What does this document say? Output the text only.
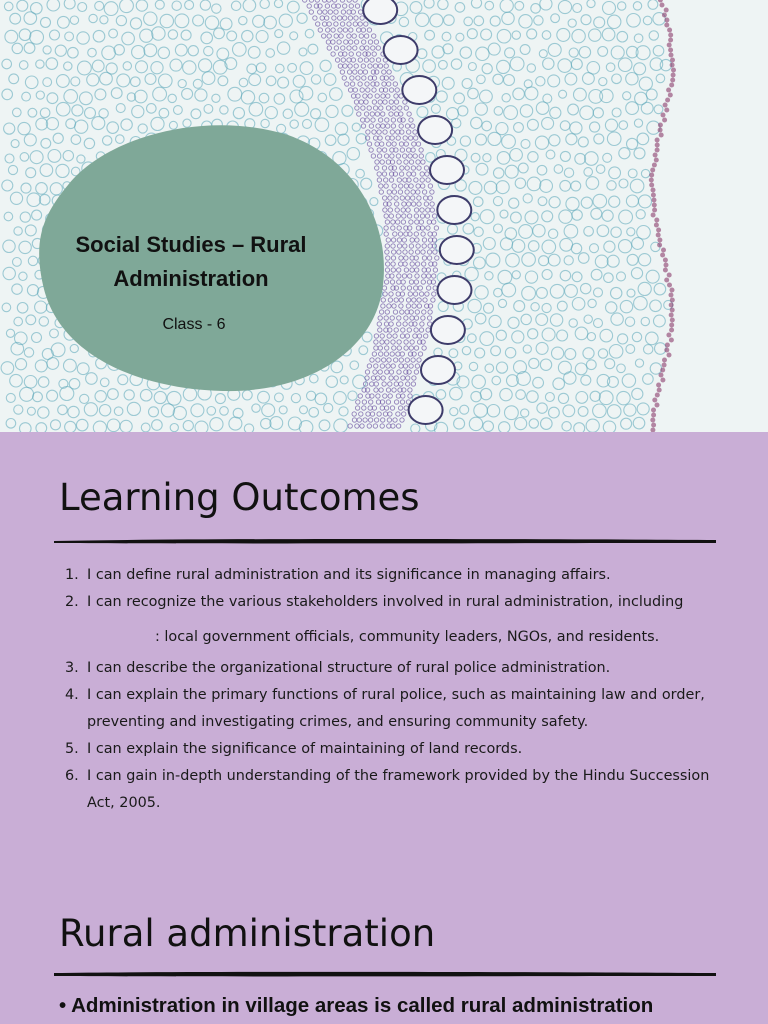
Social Studies – Rural Administration
Class - 6
Learning Outcomes
1. I can define rural administration and its significance in managing affairs.
2. I can recognize the various stakeholders involved in rural administration, including
: local government officials, community leaders, NGOs, and residents.
3. I can describe the organizational structure of rural police administration.
4. I can explain the primary functions of rural police, such as maintaining law and order, preventing and investigating crimes, and ensuring community safety.
5. I can explain the significance of maintaining of land records.
6. I can gain in-depth understanding of the framework provided by the Hindu Succession Act, 2005.
Rural administration
• Administration in village areas is called rural administration
